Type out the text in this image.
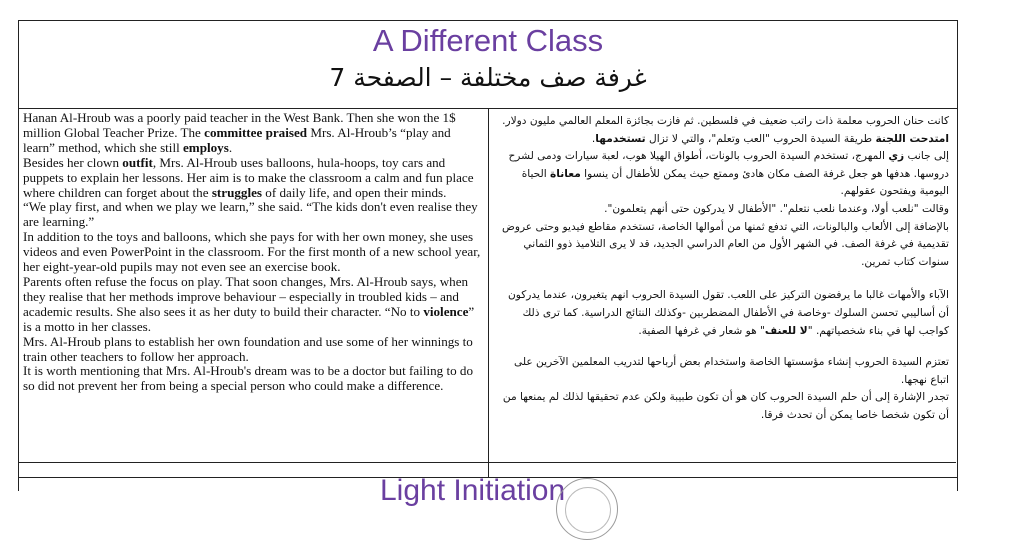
A Different Class
غرفة صف مختلفة – الصفحة 7

Hanan Al-Hroub was a poorly paid teacher in the West Bank. Then she won the 1$ million Global Teacher Prize. The committee praised Mrs. Al-Hroub’s “play and learn” method, which she still employs.

Besides her clown outfit, Mrs. Al-Hroub uses balloons, hula-hoops, toy cars and puppets to explain her lessons. Her aim is to make the classroom a calm and fun place where children can forget about the struggles of daily life, and open their minds.

“We play first, and when we play we learn,” she said. “The kids don't even realise they are learning.”

In addition to the toys and balloons, which she pays for with her own money, she uses videos and even PowerPoint in the classroom. For the first month of a new school year, her eight-year-old pupils may not even see an exercise book.

Parents often refuse the focus on play. That soon changes, Mrs. Al-Hroub says, when they realise that her methods improve behaviour – especially in troubled kids – and academic results. She also sees it as her duty to build their character. “No to violence” is a motto in her classes.

Mrs. Al-Hroub plans to establish her own foundation and use some of her winnings to train other teachers to follow her approach.

It is worth mentioning that Mrs. Al-Hroub's dream was to be a doctor but failing to do so did not prevent her from being a special person who could make a difference.

كانت حنان الحروب معلمة ذات راتب ضعيف في فلسطين. ثم فازت بجائزة المعلم العالمي مليون دولار. امتدحت اللجنة طريقة السيدة الحروب "العب وتعلم"، والتي لا تزال تستخدمها.

إلى جانب زي المهرج، تستخدم السيدة الحروب بالونات، أطواق الهيلا هوب، لعبة سيارات ودمى لشرح دروسها. هدفها هو جعل غرفة الصف مكان هادئ وممتع حيث يمكن للأطفال أن ينسوا معاناة الحياة اليومية ويفتحون عقولهم.

وقالت "نلعب أولا، وعندما نلعب نتعلم". "الأطفال لا يدركون حتى أنهم يتعلمون".

بالإضافة إلى الألعاب والبالونات، التي تدفع ثمنها من أموالها الخاصة، تستخدم مقاطع فيديو وحتى عروض تقديمية في غرفة الصف. في الشهر الأول من العام الدراسي الجديد، قد لا يرى التلاميذ ذوو الثماني سنوات كتاب تمرين.

الآباء والأمهات غالبا ما يرفضون التركيز على اللعب. تقول السيدة الحروب انهم يتغيرون، عندما يدركون أن أساليبي تحسن السلوك -وخاصة في الأطفال المضطربين -وكذلك النتائج الدراسية. كما ترى ذلك كواجب لها في بناء شخصياتهم. "لا للعنف" هو شعار في غرفها الصفية.

تعتزم السيدة الحروب إنشاء مؤسستها الخاصة واستخدام بعض أرباحها لتدريب المعلمين الآخرين على اتباع نهجها.

تجدر الإشارة إلى أن حلم السيدة الحروب كان هو أن تكون طبيبة ولكن عدم تحقيقها لذلك لم يمنعها من أن تكون شخصا خاصا يمكن أن تحدث فرقا.

Light Initiation
